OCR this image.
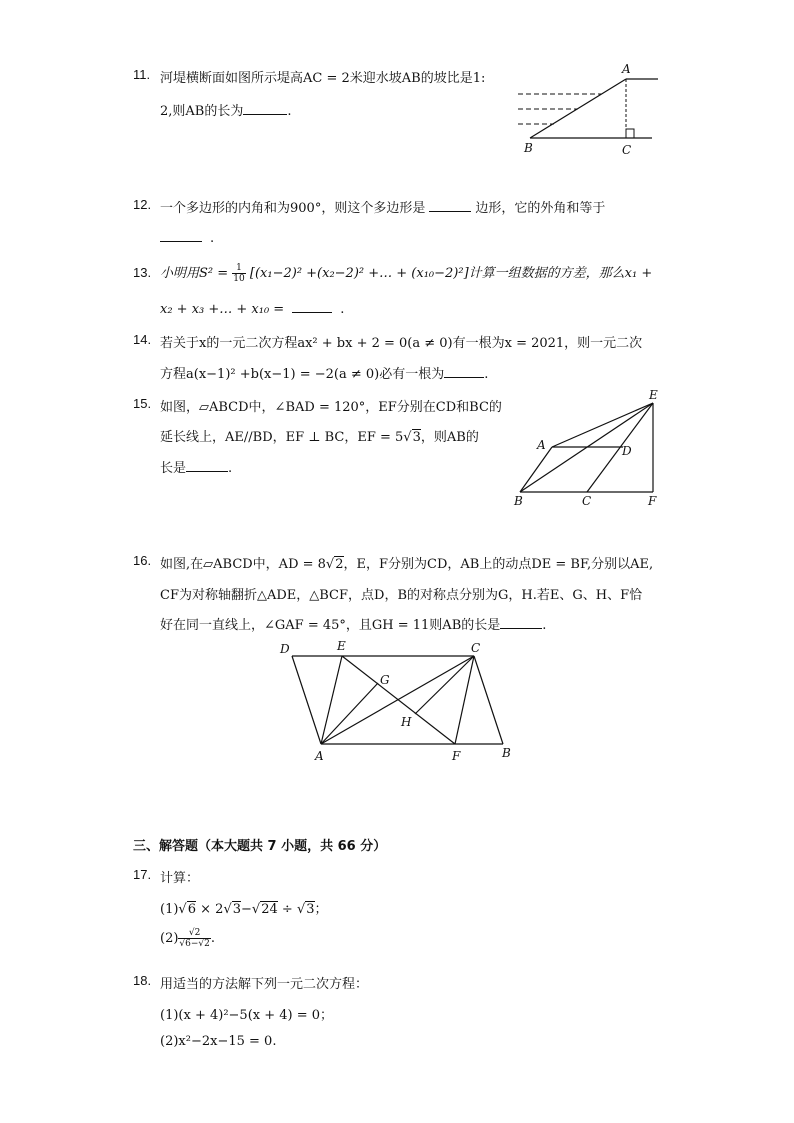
11. 河堤横断面如图所示堤高AC = 2米迎水坡AB的坡比是1:
2,则AB的长为	.
A
B	C
12. 一个多边形的内角和为900°，则这个多边形是	边形，它的外角和等于
.
13. 小明用$S^2 = \frac{1}{10} [(x_1-2)^2 +(x_2-2)^2$ +… + (x₁₀−2)²]计算一组数据的方差，那么x₁ +
x₂ + x₃ +… + x₁₀ =	.
14. 若关于x的一元二次方程ax² + bx + 2 = 0(a ≠ 0)有一根为x = 2021，则一元二次
方程a(x−1)² +b(x−1) = −2(a ≠ 0)必有一根为	.
15. 如图，▱ABCD中，∠BAD = 120°，EF分别在CD和BC的
延长线上，AE//BD，EF ⊥ BC，EF = 5√3，则AB的
长是	.
E
A	D
B	C	F
16. 如图,在▱ABCD中，AD = 8√2，E，F分别为CD，AB上的动点DE = BF,分别以AE,
CF为对称轴翻折△ADE，△BCF，点D，B的对称点分别为G，H.若E、G、H、F恰
好在同一直线上，∠GAF = 45°，且GH = 11则AB的长是	.
D	E	C
G
H
A	F	B
三、解答题（本大题共 7 小题，共 66 分）
17. 计算：
(1)√6 × 2√3−√24 ÷ √3；
$(2) \frac{√2}{√6-√2}$ .
18. 用适当的方法解下列一元二次方程：
(1)(x + 4)²−5(x + 4) = 0；
(2)x²−2x−15 = 0.
